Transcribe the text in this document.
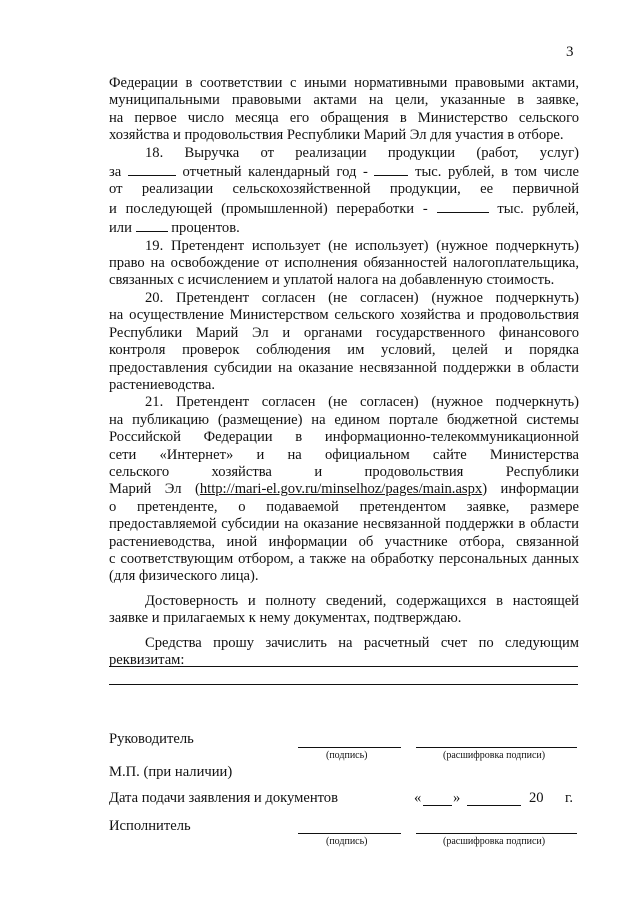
3

Федерации в соответствии с иными нормативными правовыми актами,

муниципальными правовыми актами на цели, указанные в заявке,

на первое число месяца его обращения в Министерство сельского

хозяйства и продовольствия Республики Марий Эл для участия в отборе.

18. Выручка от реализации продукции (работ, услуг)

за	отчетный календарный год -	тыс. рублей, в том числе

от реализации сельскохозяйственной продукции, ее первичной

и последующей (промышленной) переработки -	тыс. рублей,

или	процентов.

19. Претендент использует (не использует) (нужное подчеркнуть)

право на освобождение от исполнения обязанностей налогоплательщика,

связанных с исчислением и уплатой налога на добавленную стоимость.

20. Претендент согласен (не согласен) (нужное подчеркнуть)

на осуществление Министерством сельского хозяйства и продовольствия

Республики Марий Эл и органами государственного финансового

контроля проверок соблюдения им условий, целей и порядка

предоставления субсидии на оказание несвязанной поддержки в области

растениеводства.

21. Претендент согласен (не согласен) (нужное подчеркнуть)

на публикацию (размещение) на едином портале бюджетной системы

Российской Федерации в информационно-телекоммуникационной

сети «Интернет» и на официальном сайте Министерства

сельского хозяйства и продовольствия Республики

Марий Эл (http://mari-el.gov.ru/minselhoz/pages/main.aspx) информации

о претенденте, о подаваемой претендентом заявке, размере

предоставляемой субсидии на оказание несвязанной поддержки в области

растениеводства, иной информации об участнике отбора, связанной

с соответствующим отбором, а также на обработку персональных данных

(для физического лица).

Достоверность и полноту сведений, содержащихся в настоящей

заявке и прилагаемых к нему документах, подтверждаю.

Средства прошу зачислить на расчетный счет по следующим

реквизитам:

Руководитель
(подпись)	(расшифровка подписи)
М.П. (при наличии)
Дата подачи заявления и документов	« »	20 г.
Исполнитель
(подпись)	(расшифровка подписи)
